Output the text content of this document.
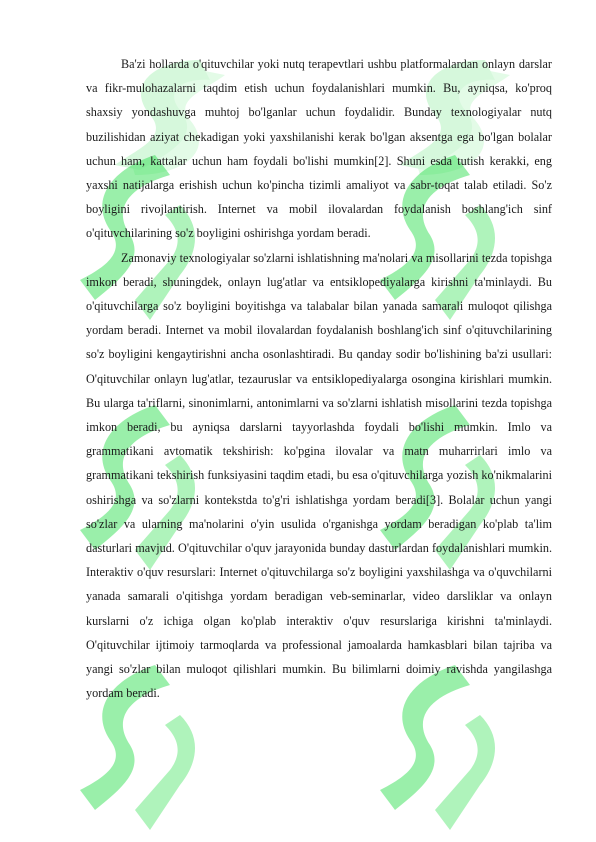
Ba'zi hollarda o'qituvchilar yoki nutq terapevtlari ushbu platformalardan onlayn darslar va fikr-mulohazalarni taqdim etish uchun foydalanishlari mumkin. Bu, ayniqsa, ko'proq shaxsiy yondashuvga muhtoj bo'lganlar uchun foydalidir. Bunday texnologiyalar nutq buzilishidan aziyat chekadigan yoki yaxshilanishi kerak bo'lgan aksentga ega bo'lgan bolalar uchun ham, kattalar uchun ham foydali bo'lishi mumkin[2]. Shuni esda tutish kerakki, eng yaxshi natijalarga erishish uchun ko'pincha tizimli amaliyot va sabr-toqat talab etiladi. So'z boyligini rivojlantirish. Internet va mobil ilovalardan foydalanish boshlang'ich sinf o'qituvchilarining so'z boyligini oshirishga yordam beradi.

Zamonaviy texnologiyalar so'zlarni ishlatishning ma'nolari va misollarini tezda topishga imkon beradi, shuningdek, onlayn lug'atlar va entsiklopediyalarga kirishni ta'minlaydi. Bu o'qituvchilarga so'z boyligini boyitishga va talabalar bilan yanada samarali muloqot qilishga yordam beradi. Internet va mobil ilovalardan foydalanish boshlang'ich sinf o'qituvchilarining so'z boyligini kengaytirishni ancha osonlashtiradi. Bu qanday sodir bo'lishining ba'zi usullari: O'qituvchilar onlayn lug'atlar, tezauruslar va entsiklopediyalarga osongina kirishlari mumkin. Bu ularga ta'riflarni, sinonimlarni, antonimlarni va so'zlarni ishlatish misollarini tezda topishga imkon beradi, bu ayniqsa darslarni tayyorlashda foydali bo'lishi mumkin. Imlo va grammatikani avtomatik tekshirish: ko'pgina ilovalar va matn muharrirlari imlo va grammatikani tekshirish funksiyasini taqdim etadi, bu esa o'qituvchilarga yozish ko'nikmalarini oshirishga va so'zlarni kontekstda to'g'ri ishlatishga yordam beradi[3]. Bolalar uchun yangi so'zlar va ularning ma'nolarini o'yin usulida o'rganishga yordam beradigan ko'plab ta'lim dasturlari mavjud. O'qituvchilar o'quv jarayonida bunday dasturlardan foydalanishlari mumkin. Interaktiv o'quv resurslari: Internet o'qituvchilarga so'z boyligini yaxshilashga va o'quvchilarni yanada samarali o'qitishga yordam beradigan veb-seminarlar, video darsliklar va onlayn kurslarni o'z ichiga olgan ko'plab interaktiv o'quv resurslariga kirishni ta'minlaydi. O'qituvchilar ijtimoiy tarmoqlarda va professional jamoalarda hamkasblari bilan tajriba va yangi so'zlar bilan muloqot qilishlari mumkin. Bu bilimlarni doimiy ravishda yangilashga yordam beradi.
